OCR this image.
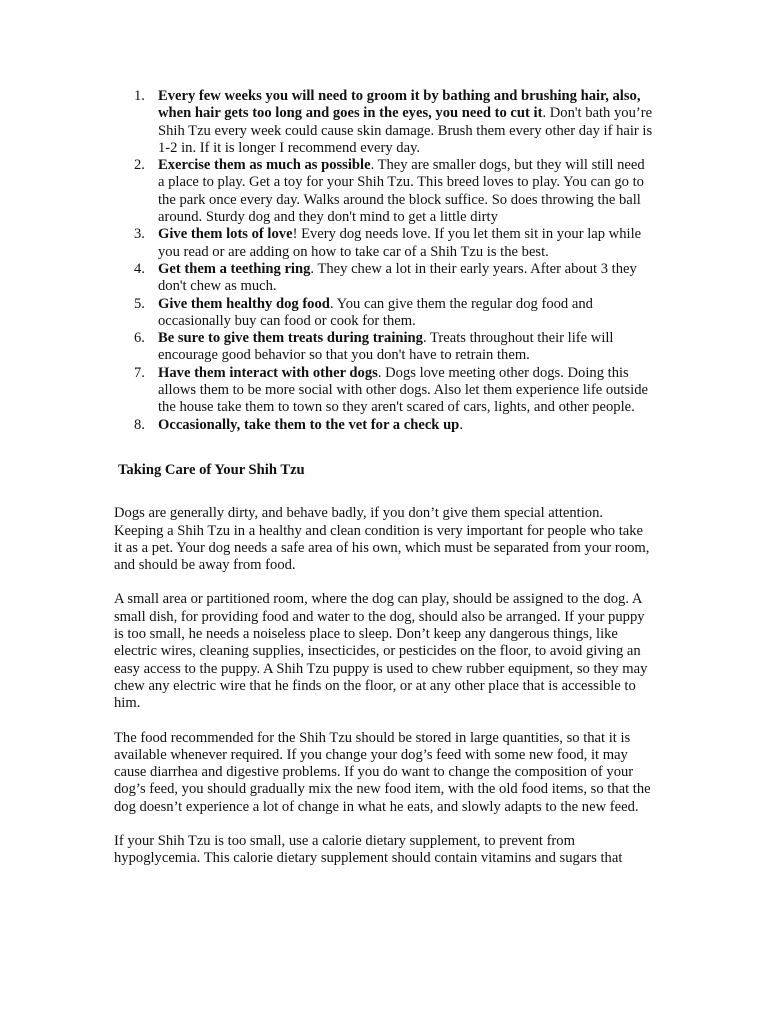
1. Every few weeks you will need to groom it by bathing and brushing hair, also, when hair gets too long and goes in the eyes, you need to cut it. Don't bath you’re Shih Tzu every week could cause skin damage. Brush them every other day if hair is 1-2 in. If it is longer I recommend every day.
2. Exercise them as much as possible. They are smaller dogs, but they will still need a place to play. Get a toy for your Shih Tzu. This breed loves to play. You can go to the park once every day. Walks around the block suffice. So does throwing the ball around. Sturdy dog and they don't mind to get a little dirty
3. Give them lots of love! Every dog needs love. If you let them sit in your lap while you read or are adding on how to take car of a Shih Tzu is the best.
4. Get them a teething ring. They chew a lot in their early years. After about 3 they don't chew as much.
5. Give them healthy dog food. You can give them the regular dog food and occasionally buy can food or cook for them.
6. Be sure to give them treats during training. Treats throughout their life will encourage good behavior so that you don't have to retrain them.
7. Have them interact with other dogs. Dogs love meeting other dogs. Doing this allows them to be more social with other dogs. Also let them experience life outside the house take them to town so they aren't scared of cars, lights, and other people.
8. Occasionally, take them to the vet for a check up.
Taking Care of Your Shih Tzu

Dogs are generally dirty, and behave badly, if you don’t give them special attention. Keeping a Shih Tzu in a healthy and clean condition is very important for people who take it as a pet. Your dog needs a safe area of his own, which must be separated from your room, and should be away from food.

A small area or partitioned room, where the dog can play, should be assigned to the dog. A small dish, for providing food and water to the dog, should also be arranged. If your puppy is too small, he needs a noiseless place to sleep. Don’t keep any dangerous things, like electric wires, cleaning supplies, insecticides, or pesticides on the floor, to avoid giving an easy access to the puppy. A Shih Tzu puppy is used to chew rubber equipment, so they may chew any electric wire that he finds on the floor, or at any other place that is accessible to him.

The food recommended for the Shih Tzu should be stored in large quantities, so that it is available whenever required. If you change your dog’s feed with some new food, it may cause diarrhea and digestive problems. If you do want to change the composition of your dog’s feed, you should gradually mix the new food item, with the old food items, so that the dog doesn’t experience a lot of change in what he eats, and slowly adapts to the new feed.

If your Shih Tzu is too small, use a calorie dietary supplement, to prevent from hypoglycemia. This calorie dietary supplement should contain vitamins and sugars that
